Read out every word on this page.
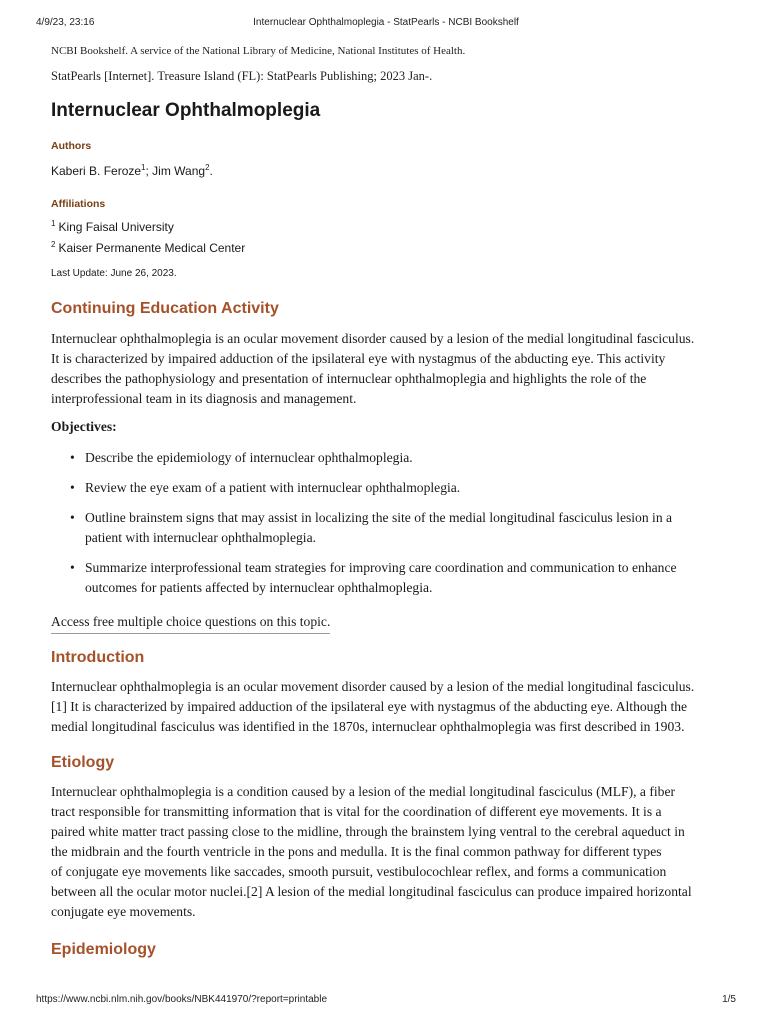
4/9/23, 23:16	Internuclear Ophthalmoplegia - StatPearls - NCBI Bookshelf

NCBI Bookshelf. A service of the National Library of Medicine, National Institutes of Health.

StatPearls [Internet]. Treasure Island (FL): StatPearls Publishing; 2023 Jan-.

Internuclear Ophthalmoplegia

Authors

Kaberi B. Feroze$^1$; Jim Wang$^2$.

Affiliations

$^1$ King Faisal University
$^2$ Kaiser Permanente Medical Center

Last Update: June 26, 2023.

Continuing Education Activity

Internuclear ophthalmoplegia is an ocular movement disorder caused by a lesion of the medial longitudinal fasciculus.
It is characterized by impaired adduction of the ipsilateral eye with nystagmus of the abducting eye. This activity
describes the pathophysiology and presentation of internuclear ophthalmoplegia and highlights the role of the
interprofessional team in its diagnosis and management.

Objectives:

• Describe the epidemiology of internuclear ophthalmoplegia.
• Review the eye exam of a patient with internuclear ophthalmoplegia.
• Outline brainstem signs that may assist in localizing the site of the medial longitudinal fasciculus lesion in a
patient with internuclear ophthalmoplegia.
• Summarize interprofessional team strategies for improving care coordination and communication to enhance
outcomes for patients affected by internuclear ophthalmoplegia.

Access free multiple choice questions on this topic.

Introduction

Internuclear ophthalmoplegia is an ocular movement disorder caused by a lesion of the medial longitudinal fasciculus.
[1] It is characterized by impaired adduction of the ipsilateral eye with nystagmus of the abducting eye. Although the
medial longitudinal fasciculus was identified in the 1870s, internuclear ophthalmoplegia was first described in 1903.

Etiology

Internuclear ophthalmoplegia is a condition caused by a lesion of the medial longitudinal fasciculus (MLF), a fiber
tract responsible for transmitting information that is vital for the coordination of different eye movements. It is a
paired white matter tract passing close to the midline, through the brainstem lying ventral to the cerebral aqueduct in
the midbrain and the fourth ventricle in the pons and medulla. It is the final common pathway for different types
of conjugate eye movements like saccades, smooth pursuit, vestibulocochlear reflex, and forms a communication
between all the ocular motor nuclei.[2] A lesion of the medial longitudinal fasciculus can produce impaired horizontal
conjugate eye movements.

Epidemiology
https://www.ncbi.nlm.nih.gov/books/NBK441970/?report=printable	1/5
